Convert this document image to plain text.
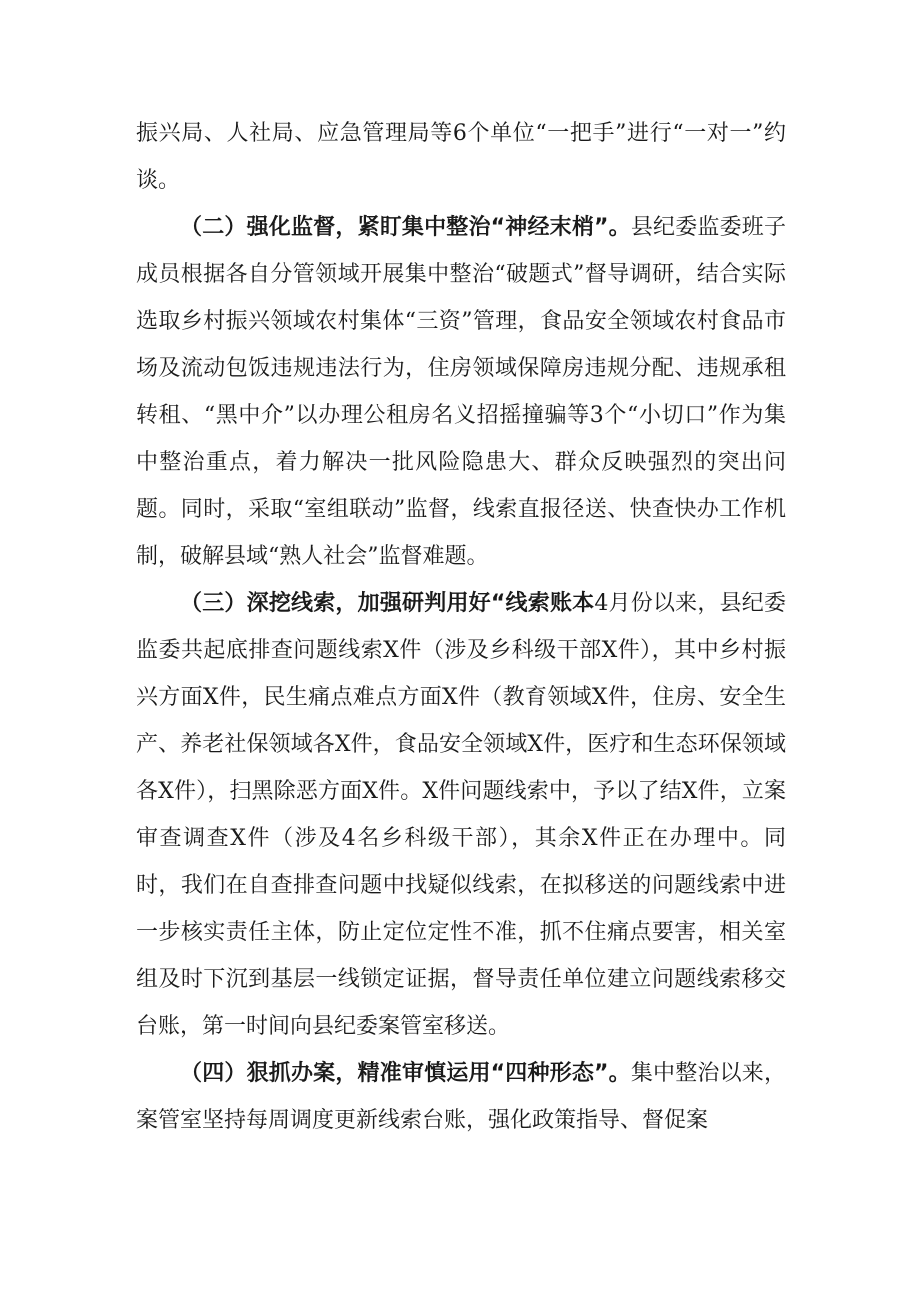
振兴局、人社局、应急管理局等6个单位“一把手”进行“一对一”约谈。

（二）强化监督，紧盯集中整治“神经末梢”。县纪委监委班子成员根据各自分管领域开展集中整治“破题式”督导调研，结合实际选取乡村振兴领域农村集体“三资”管理，食品安全领域农村食品市场及流动包饭违规违法行为，住房领域保障房违规分配、违规承租转租、“黑中介”以办理公租房名义招摇撞骗等3个“小切口”作为集中整治重点，着力解决一批风险隐患大、群众反映强烈的突出问题。同时，采取“室组联动”监督，线索直报径送、快查快办工作机制，破解县域“熟人社会”监督难题。

（三）深挖线索，加强研判用好“线索账本4月份以来，县纪委监委共起底排查问题线索X件（涉及乡科级干部X件），其中乡村振兴方面X件，民生痛点难点方面X件（教育领域X件，住房、安全生产、养老社保领域各X件，食品安全领域X件，医疗和生态环保领域各X件），扫黑除恶方面X件。X件问题线索中，予以了结X件，立案审查调查X件（涉及4名乡科级干部），其余X件正在办理中。同时，我们在自查排查问题中找疑似线索，在拟移送的问题线索中进一步核实责任主体，防止定位定性不准，抓不住痛点要害，相关室组及时下沉到基层一线锁定证据，督导责任单位建立问题线索移交台账，第一时间向县纪委案管室移送。

（四）狠抓办案，精准审慎运用“四种形态”。集中整治以来，案管室坚持每周调度更新线索台账，强化政策指导、督促案
